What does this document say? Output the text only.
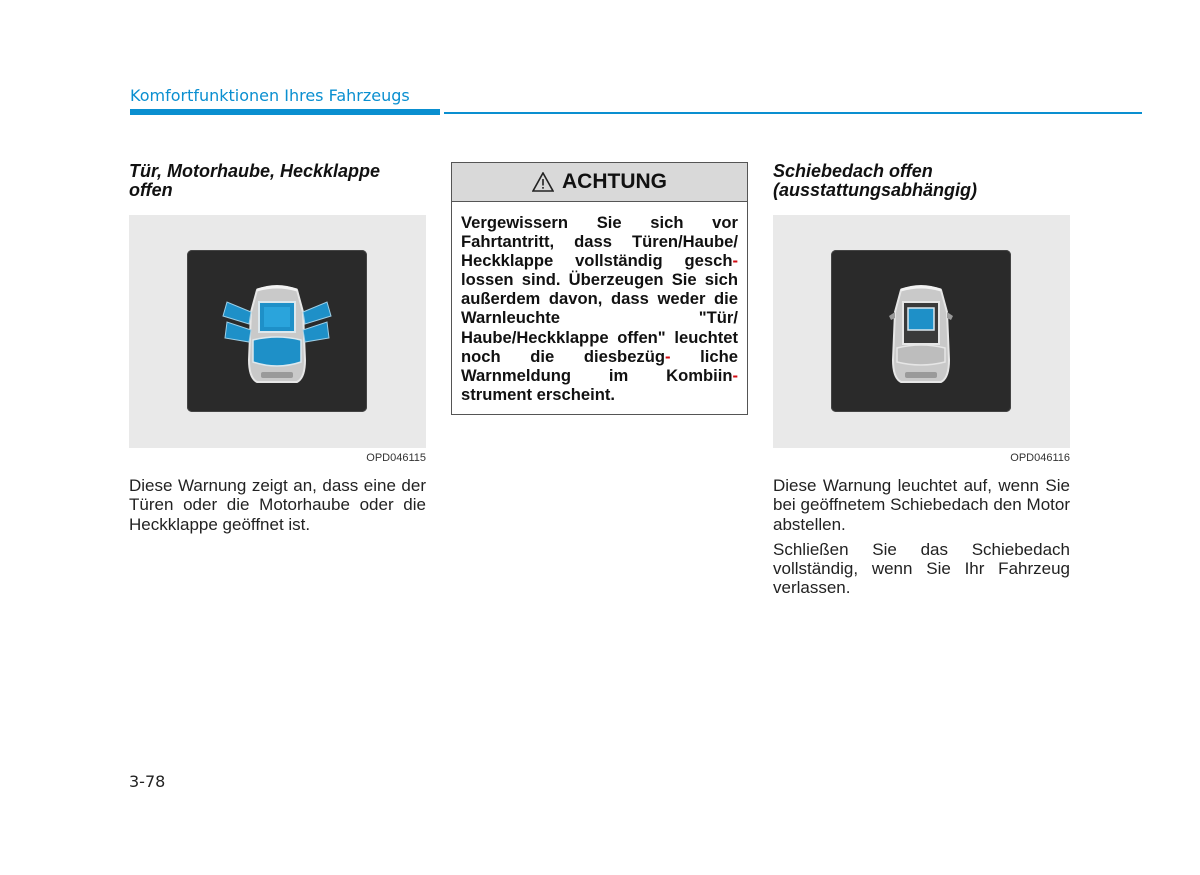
Komfortfunktionen Ihres Fahrzeugs
Tür, Motorhaube, Heckklappe offen
OPD046115

Diese Warnung zeigt an, dass eine der Türen oder die Motorhaube oder die Heckklappe geöffnet ist.

ACHTUNG
Vergewissern Sie sich vor Fahrtantritt, dass Türen/Haube/ Heckklappe vollständig gesch- lossen sind. Überzeugen Sie sich außerdem davon, dass weder die Warnleuchte "Tür/ Haube/Heckklappe offen" leuchtet noch die diesbezüg- liche Warnmeldung im Kombiin- strument erscheint.
Schiebedach offen (ausstattungsabhängig)
OPD046116

Diese Warnung leuchtet auf, wenn Sie bei geöffnetem Schiebedach den Motor abstellen.

Schließen Sie das Schiebedach vollständig, wenn Sie Ihr Fahrzeug verlassen.

3-78
